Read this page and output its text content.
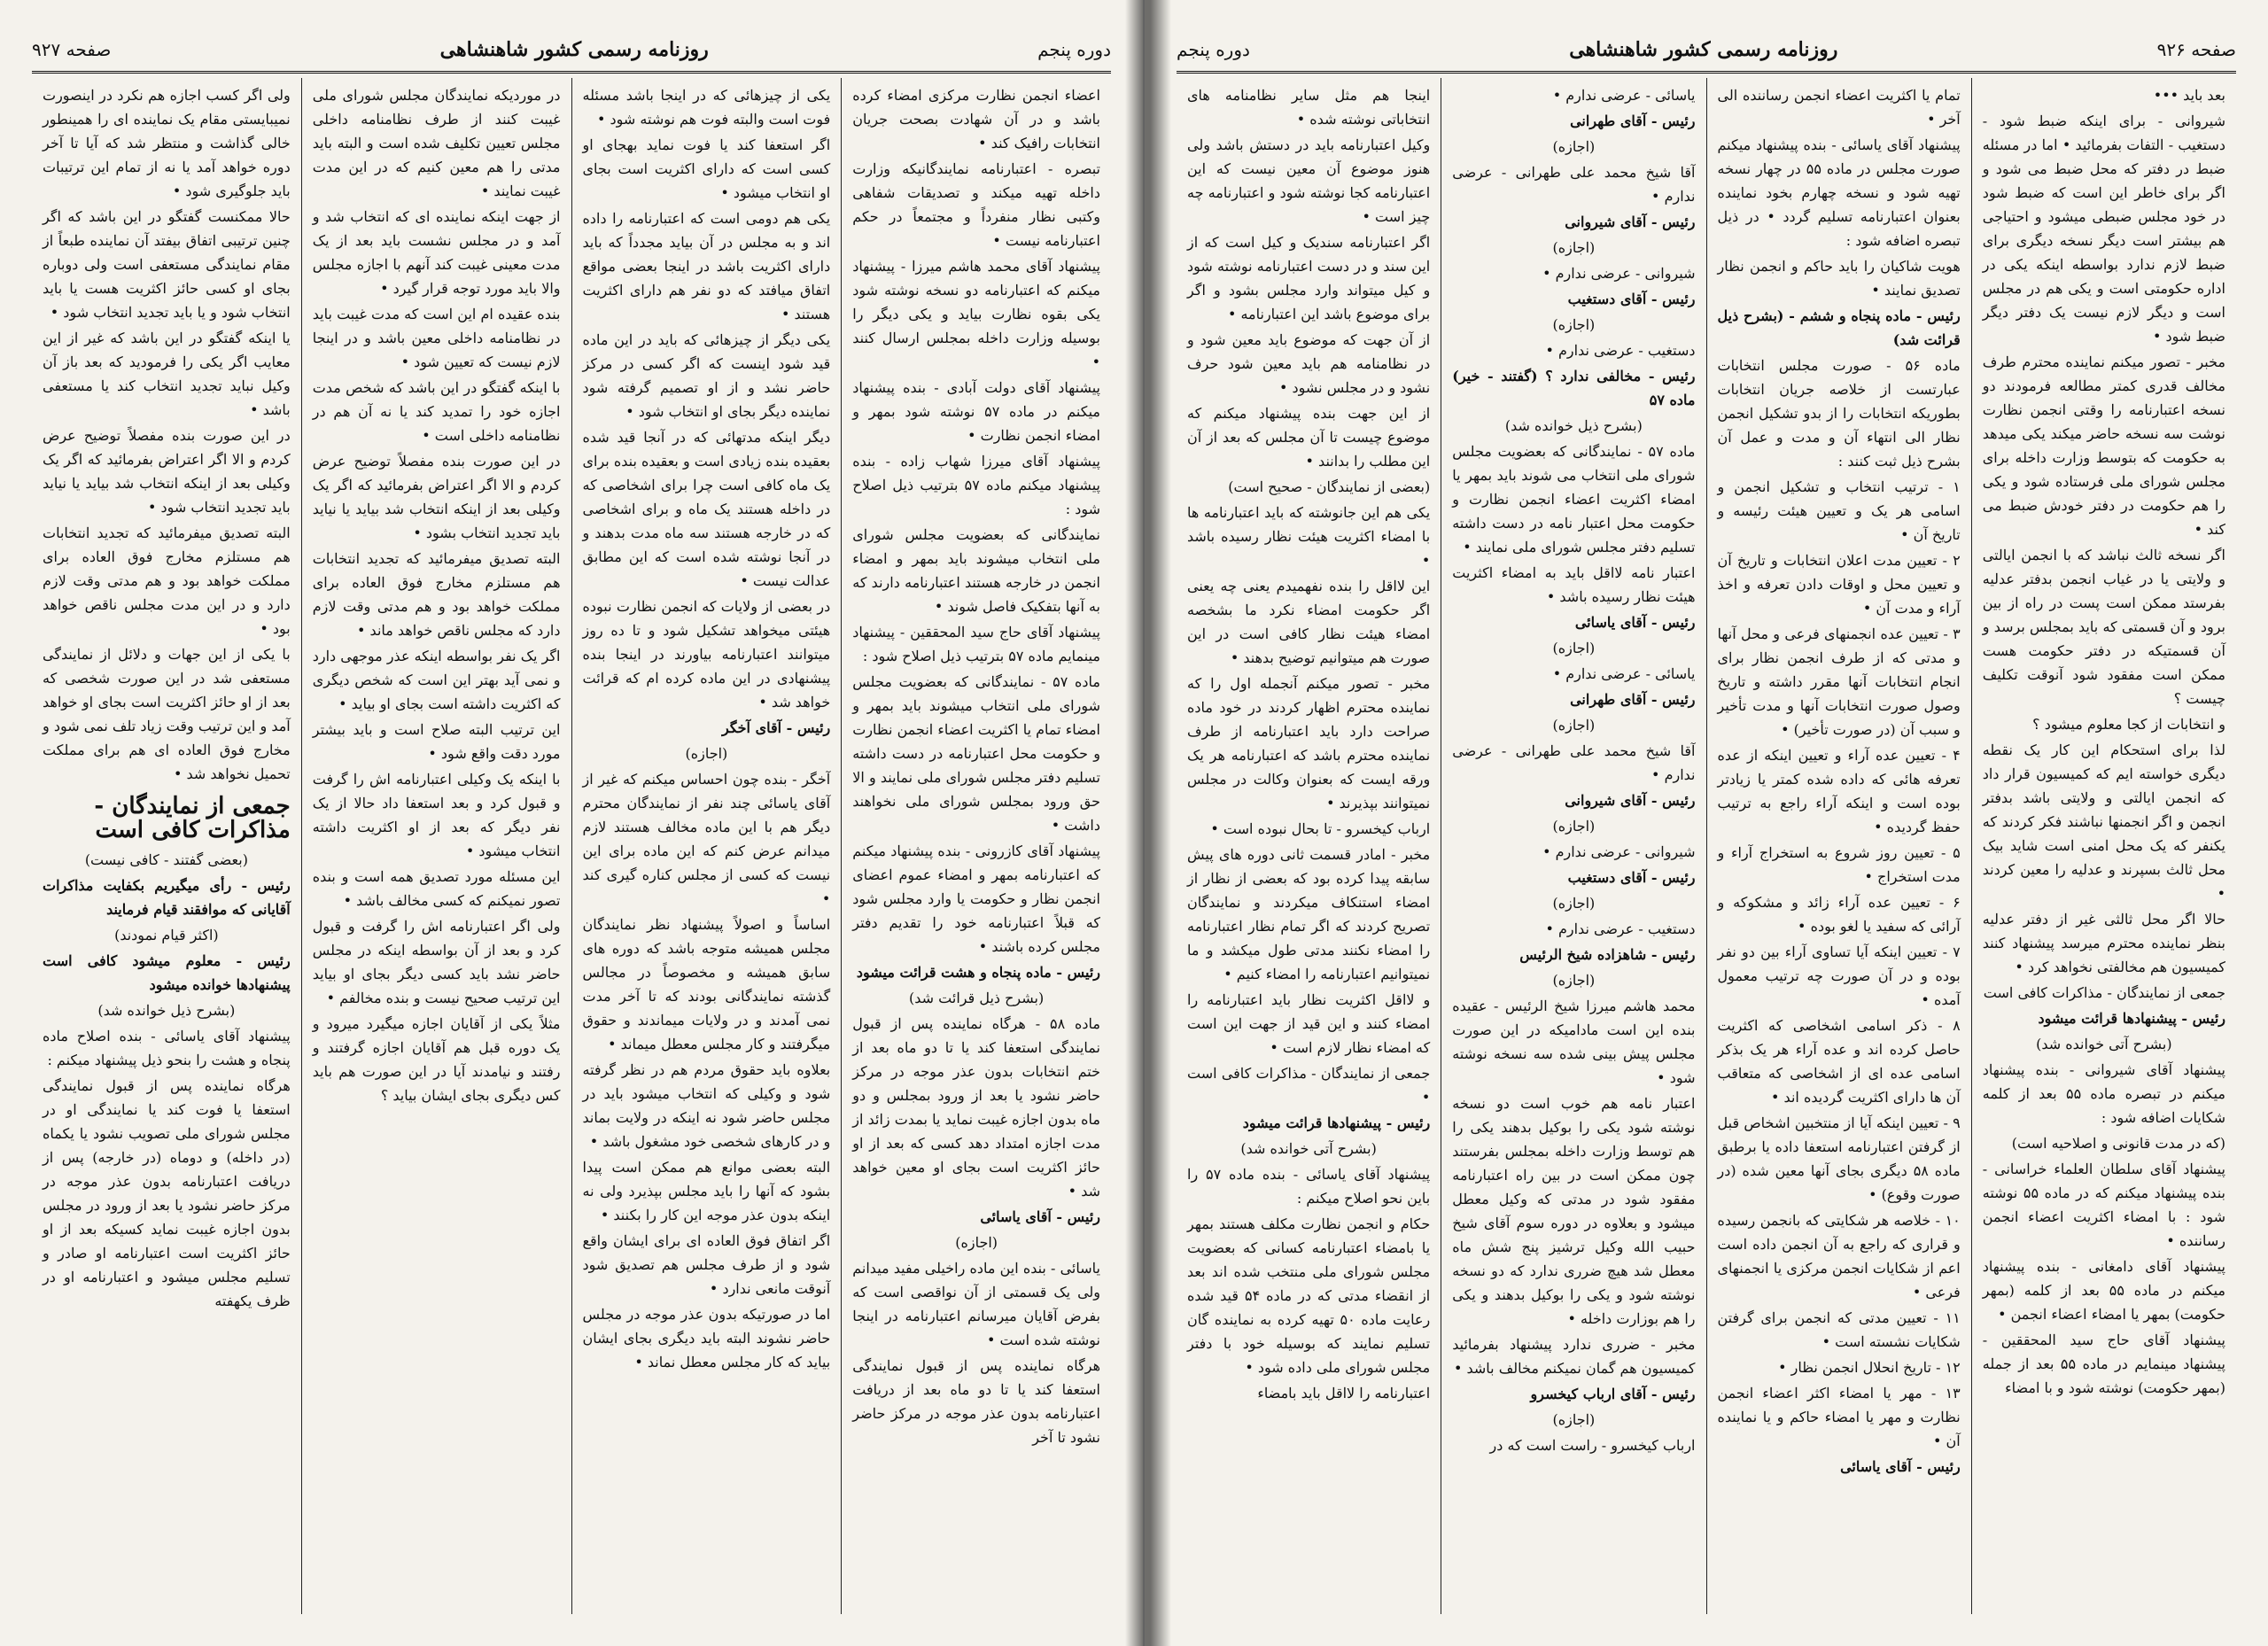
دوره پنجم
روزنامه رسمی کشور شاهنشاهی
صفحه ۹۲۷

اعضاء انجمن نظارت مرکزی امضاء کرده باشد و در آن شهادت بصحت جریان انتخابات رافیک کند •

تبصره - اعتبارنامه نمایندگانیکه وزارت داخله تهیه میکند و تصدیقات شفاهی وکتبی نظار منفرداً و مجتمعاً در حکم اعتبارنامه نیست •

پیشنهاد آقای محمد هاشم میرزا - پیشنهاد میکنم که اعتبارنامه دو نسخه نوشته شود یکی بقوه نظارت بیاید و یکی دیگر را بوسیله وزارت داخله بمجلس ارسال کنند •

پیشنهاد آقای دولت آبادی - بنده پیشنهاد میکنم در ماده ۵۷ نوشته شود بمهر و امضاء انجمن نظارت •

پیشنهاد آقای میرزا شهاب زاده - بنده پیشنهاد میکنم ماده ۵۷ بترتیب ذیل اصلاح شود :

نمایندگانی که بعضویت مجلس شورای ملی انتخاب میشوند باید بمهر و امضاء انجمن در خارجه هستند اعتبارنامه دارند که به آنها بتفکیک فاصل شوند •

پیشنهاد آقای حاج سید المحققین - پیشنهاد مینمایم ماده ۵۷ بترتیب ذیل اصلاح شود :

ماده ۵۷ - نمایندگانی که بعضویت مجلس شورای ملی انتخاب میشوند باید بمهر و امضاء تمام یا اکثریت اعضاء انجمن نظارت و حکومت محل اعتبارنامه در دست داشته تسلیم دفتر مجلس شورای ملی نمایند و الا حق ورود بمجلس شورای ملی نخواهند داشت •

پیشنهاد آقای کازرونی - بنده پیشنهاد میکنم که اعتبارنامه بمهر و امضاء عموم اعضای انجمن نظار و حکومت یا وارد مجلس شود که قبلاً اعتبارنامه خود را تقدیم دفتر مجلس کرده باشند •

رئیس - ماده پنجاه و هشت قرائت میشود

(بشرح ذیل قرائت شد)

ماده ۵۸ - هرگاه نماینده پس از قبول نمایندگی استعفا کند یا تا دو ماه بعد از ختم انتخابات بدون عذر موجه در مرکز حاضر نشود یا بعد از ورود بمجلس و دو ماه بدون اجازه غیبت نماید یا بمدت زائد از مدت اجازه امتداد دهد کسی که بعد از او حائز اکثریت است بجای او معین خواهد شد •

رئیس - آقای یاسائی

(اجازه)

یاسائی - بنده این ماده راخیلی مفید میدانم ولی یک قسمتی از آن نواقصی است که بفرض آقایان میرسانم اعتبارنامه در اینجا نوشته شده است •

هرگاه نماینده پس از قبول نمایندگی استعفا کند یا تا دو ماه بعد از دریافت اعتبارنامه بدون عذر موجه در مرکز حاضر نشود تا آخر

یکی از چیزهائی که در اینجا باشد مسئله فوت است والبته فوت هم نوشته شود •

اگر استعفا کند یا فوت نماید بهجای او کسی است که دارای اکثریت است بجای او انتخاب میشود •

یکی هم دومی است که اعتبارنامه را داده اند و به مجلس در آن بیاید مجدداً که باید دارای اکثریت باشد در اینجا بعضی مواقع اتفاق میافتد که دو نفر هم دارای اکثریت هستند •

یکی دیگر از چیزهائی که باید در این ماده قید شود اینست که اگر کسی در مرکز حاضر نشد و از او تصمیم گرفته شود نماینده دیگر بجای او انتخاب شود •

دیگر اینکه مدتهائی که در آنجا قید شده بعقیده بنده زیادی است و بعقیده بنده برای یک ماه کافی است چرا برای اشخاصی که در داخله هستند یک ماه و برای اشخاصی که در خارجه هستند سه ماه مدت بدهند و در آنجا نوشته شده است که این مطابق عدالت نیست •

در بعضی از ولایات که انجمن نظارت نبوده هیئتی میخواهد تشکیل شود و تا ده روز میتوانند اعتبارنامه بیاورند در اینجا بنده پیشنهادی در این ماده کرده ام که قرائت خواهد شد •

رئیس - آقای آخگر

(اجازه)

آخگر - بنده چون احساس میکنم که غیر از آقای یاسائی چند نفر از نمایندگان محترم دیگر هم با این ماده مخالف هستند لازم میدانم عرض کنم که این ماده برای این نیست که کسی از مجلس کناره گیری کند •

اساساً و اصولاً پیشنهاد نظر نمایندگان مجلس همیشه متوجه باشد که دوره های سابق همیشه و مخصوصاً در مجالس گذشته نمایندگانی بودند که تا آخر مدت نمی آمدند و در ولایات میماندند و حقوق میگرفتند و کار مجلس معطل میماند •

بعلاوه باید حقوق مردم هم در نظر گرفته شود و وکیلی که انتخاب میشود باید در مجلس حاضر شود نه اینکه در ولایت بماند و در کارهای شخصی خود مشغول باشد •

البته بعضی موانع هم ممکن است پیدا بشود که آنها را باید مجلس بپذیرد ولی نه اینکه بدون عذر موجه این کار را بکنند •

اگر اتفاق فوق العاده ای برای ایشان واقع شود و از طرف مجلس هم تصدیق شود آنوقت مانعی ندارد •

اما در صورتیکه بدون عذر موجه در مجلس حاضر نشوند البته باید دیگری بجای ایشان بیاید که کار مجلس معطل نماند •

در موردیکه نمایندگان مجلس شورای ملی غیبت کنند از طرف نظامنامه داخلی مجلس تعیین تکلیف شده است و البته باید مدتی را هم معین کنیم که در این مدت غیبت نمایند •

از جهت اینکه نماینده ای که انتخاب شد و آمد و در مجلس نشست باید بعد از یک مدت معینی غیبت کند آنهم با اجازه مجلس والا باید مورد توجه قرار گیرد •

بنده عقیده ام این است که مدت غیبت باید در نظامنامه داخلی معین باشد و در اینجا لازم نیست که تعیین شود •

با اینکه گفتگو در این باشد که شخص مدت اجازه خود را تمدید کند یا نه آن هم در نظامنامه داخلی است •

در این صورت بنده مفصلاً توضیح عرض کردم و الا اگر اعتراض بفرمائید که اگر یک وکیلی بعد از اینکه انتخاب شد بیاید یا نیاید باید تجدید انتخاب بشود •

البته تصدیق میفرمائید که تجدید انتخابات هم مستلزم مخارج فوق العاده برای مملکت خواهد بود و هم مدتی وقت لازم دارد که مجلس ناقص خواهد ماند •

اگر یک نفر بواسطه اینکه عذر موجهی دارد و نمی آید بهتر این است که شخص دیگری که اکثریت داشته است بجای او بیاید •

این ترتیب البته صلاح است و باید بیشتر مورد دقت واقع شود •

با اینکه یک وکیلی اعتبارنامه اش را گرفت و قبول کرد و بعد استعفا داد حالا از یک نفر دیگر که بعد از او اکثریت داشته انتخاب میشود •

این مسئله مورد تصدیق همه است و بنده تصور نمیکنم که کسی مخالف باشد •

ولی اگر اعتبارنامه اش را گرفت و قبول کرد و بعد از آن بواسطه اینکه در مجلس حاضر نشد باید کسی دیگر بجای او بیاید این ترتیب صحیح نیست و بنده مخالفم •

مثلاً یکی از آقایان اجازه میگیرد میرود و یک دوره قبل هم آقایان اجازه گرفتند و رفتند و نیامدند آیا در این صورت هم باید کس دیگری بجای ایشان بیاید ؟

ولی اگر کسب اجازه هم نکرد در اینصورت نمیبایستی مقام یک نماینده ای را همینطور خالی گذاشت و منتظر شد که آیا تا آخر دوره خواهد آمد یا نه از تمام این ترتیبات باید جلوگیری شود •

حالا ممکنست گفتگو در این باشد که اگر چنین ترتیبی اتفاق بیفتد آن نماینده طبعاً از مقام نمایندگی مستعفی است ولی دوباره بجای او کسی حائز اکثریت هست یا باید انتخاب شود و یا باید تجدید انتخاب شود •

یا اینکه گفتگو در این باشد که غیر از این معایب اگر یکی را فرمودید که بعد باز آن وکیل نباید تجدید انتخاب کند یا مستعفی باشد •

در این صورت بنده مفصلاً توضیح عرض کردم و الا اگر اعتراض بفرمائید که اگر یک وکیلی بعد از اینکه انتخاب شد بیاید یا نیاید باید تجدید انتخاب شود •

البته تصدیق میفرمائید که تجدید انتخابات هم مستلزم مخارج فوق العاده برای مملکت خواهد بود و هم مدتی وقت لازم دارد و در این مدت مجلس ناقص خواهد بود •

با یکی از این جهات و دلائل از نمایندگی مستعفی شد در این صورت شخصی که بعد از او حائز اکثریت است بجای او خواهد آمد و این ترتیب وقت زیاد تلف نمی شود و مخارج فوق العاده ای هم برای مملکت تحمیل نخواهد شد •

جمعی از نمایندگان - مذاکرات کافی است

(بعضی گفتند - کافی نیست)

رئیس - رأی میگیریم بکفایت مذاکرات آقایانی که موافقند قیام فرمایند

(اکثر قیام نمودند)

رئیس - معلوم میشود کافی است پیشنهادها خوانده میشود

(بشرح ذیل خوانده شد)

پیشنهاد آقای یاسائی - بنده اصلاح ماده پنجاه و هشت را بنحو ذیل پیشنهاد میکنم :

هرگاه نماینده پس از قبول نمایندگی استعفا یا فوت کند یا نمایندگی او در مجلس شورای ملی تصویب نشود یا یکماه (در داخله) و دوماه (در خارجه) پس از دریافت اعتبارنامه بدون عذر موجه در مرکز حاضر نشود یا بعد از ورود در مجلس بدون اجازه غیبت نماید کسیکه بعد از او حائز اکثریت است اعتبارنامه او صادر و تسلیم مجلس میشود و اعتبارنامه او در ظرف یکهفته

صفحه ۹۲۶
روزنامه رسمی کشور شاهنشاهی
دوره پنجم

بعد باید •••

شیروانی - برای اینکه ضبط شود - دستغیب - التفات بفرمائید • اما در مسئله ضبط در دفتر که محل ضبط می شود و اگر برای خاطر این است که ضبط شود در خود مجلس ضبطی میشود و احتیاجی هم بیشتر است دیگر نسخه دیگری برای ضبط لازم ندارد بواسطه اینکه یکی در اداره حکومتی است و یکی هم در مجلس است و دیگر لازم نیست یک دفتر دیگر ضبط شود •

مخبر - تصور میکنم نماینده محترم طرف مخالف قدری کمتر مطالعه فرمودند دو نسخه اعتبارنامه را وقتی انجمن نظارت نوشت سه نسخه حاضر میکند یکی میدهد به حکومت که بتوسط وزارت داخله برای مجلس شورای ملی فرستاده شود و یکی را هم حکومت در دفتر خودش ضبط می کند •

اگر نسخه ثالث نباشد که با انجمن ایالتی و ولایتی یا در غیاب انجمن بدفتر عدلیه بفرستد ممکن است پست در راه از بین برود و آن قسمتی که باید بمجلس برسد و آن قسمتیکه در دفتر حکومت هست ممکن است مفقود شود آنوقت تکلیف چیست ؟

و انتخابات از کجا معلوم میشود ؟

لذا برای استحکام این کار یک نقطه دیگری خواسته ایم که کمیسیون قرار داد که انجمن ایالتی و ولایتی باشد بدفتر انجمن و اگر انجمنها نباشند فکر کردند که یکنفر که یک محل امنی است شاید بیک محل ثالث بسپرند و عدلیه را معین کردند •

حالا اگر محل ثالثی غیر از دفتر عدلیه بنظر نماینده محترم میرسد پیشنهاد کنند کمیسیون هم مخالفتی نخواهد کرد •

جمعی از نمایندگان - مذاکرات کافی است

رئیس - پیشنهادها قرائت میشود

(بشرح آتی خوانده شد)

پیشنهاد آقای شیروانی - بنده پیشنهاد میکنم در تبصره ماده ۵۵ بعد از کلمه شکایات اضافه شود :

(که در مدت قانونی و اصلاحیه است)

پیشنهاد آقای سلطان العلماء خراسانی - بنده پیشنهاد میکنم که در ماده ۵۵ نوشته شود : با امضاء اکثریت اعضاء انجمن رساننده •

پیشنهاد آقای دامغانی - بنده پیشنهاد میکنم در ماده ۵۵ بعد از کلمه (بمهر حکومت) بمهر یا امضاء اعضاء انجمن •

پیشنهاد آقای حاج سید المحققین - پیشنهاد مینمایم در ماده ۵۵ بعد از جمله (بمهر حکومت) نوشته شود و با امضاء

تمام یا اکثریت اعضاء انجمن رساننده الی آخر •

پیشنهاد آقای یاسائی - بنده پیشنهاد میکنم صورت مجلس در ماده ۵۵ در چهار نسخه تهیه شود و نسخه چهارم بخود نماینده بعنوان اعتبارنامه تسلیم گردد • در ذیل تبصره اضافه شود :

هویت شاکیان را باید حاکم و انجمن نظار تصدیق نمایند •

رئیس - ماده پنجاه و ششم - (بشرح ذیل قرائت شد)

ماده ۵۶ - صورت مجلس انتخابات عبارتست از خلاصه جریان انتخابات بطوریکه انتخابات را از بدو تشکیل انجمن نظار الی انتهاء آن و مدت و عمل آن بشرح ذیل ثبت کنند :

۱ - ترتیب انتخاب و تشکیل انجمن و اسامی هر یک و تعیین هیئت رئیسه و تاریخ آن •

۲ - تعیین مدت اعلان انتخابات و تاریخ آن و تعیین محل و اوقات دادن تعرفه و اخذ آراء و مدت آن •

۳ - تعیین عده انجمنهای فرعی و محل آنها و مدتی که از طرف انجمن نظار برای انجام انتخابات آنها مقرر داشته و تاریخ وصول صورت انتخابات آنها و مدت تأخیر و سبب آن (در صورت تأخیر) •

۴ - تعیین عده آراء و تعیین اینکه از عده تعرفه هائی که داده شده کمتر یا زیادتر بوده است و اینکه آراء راجع به ترتیب حفظ گردیده •

۵ - تعیین روز شروع به استخراج آراء و مدت استخراج •

۶ - تعیین عده آراء زائد و مشکوکه و آرائی که سفید یا لغو بوده •

۷ - تعیین اینکه آیا تساوی آراء بین دو نفر بوده و در آن صورت چه ترتیب معمول آمده •

۸ - ذکر اسامی اشخاصی که اکثریت حاصل کرده اند و عده آراء هر یک بذکر اسامی عده ای از اشخاصی که متعاقب آن ها دارای اکثریت گردیده اند •

۹ - تعیین اینکه آیا از منتخبین اشخاص قبل از گرفتن اعتبارنامه استعفا داده یا برطبق ماده ۵۸ دیگری بجای آنها معین شده (در صورت وقوع) •

۱۰ - خلاصه هر شکایتی که بانجمن رسیده و قراری که راجع به آن انجمن داده است اعم از شکایات انجمن مرکزی یا انجمنهای فرعی •

۱۱ - تعیین مدتی که انجمن برای گرفتن شکایات نشسته است •

۱۲ - تاریخ انحلال انجمن نظار •

۱۳ - مهر یا امضاء اکثر اعضاء انجمن نظارت و مهر یا امضاء حاکم و یا نماینده آن •

رئیس - آقای یاسائی

یاسائی - عرضی ندارم •

رئیس - آقای طهرانی

(اجازه)

آقا شیخ محمد علی طهرانی - عرضی ندارم •

رئیس - آقای شیروانی

(اجازه)

شیروانی - عرضی ندارم •

رئیس - آقای دستغیب

(اجازه)

دستغیب - عرضی ندارم •

رئیس - مخالفی ندارد ؟ (گفتند - خیر) ماده ۵۷

(بشرح ذیل خوانده شد)

ماده ۵۷ - نمایندگانی که بعضویت مجلس شورای ملی انتخاب می شوند باید بمهر یا امضاء اکثریت اعضاء انجمن نظارت و حکومت محل اعتبار نامه در دست داشته تسلیم دفتر مجلس شورای ملی نمایند •

اعتبار نامه لااقل باید به امضاء اکثریت هیئت نظار رسیده باشد •

رئیس - آقای یاسائی

(اجازه)

یاسائی - عرضی ندارم •

رئیس - آقای طهرانی

(اجازه)

آقا شیخ محمد علی طهرانی - عرضی ندارم •

رئیس - آقای شیروانی

(اجازه)

شیروانی - عرضی ندارم •

رئیس - آقای دستغیب

(اجازه)

دستغیب - عرضی ندارم •

رئیس - شاهزاده شیخ الرئیس

(اجازه)

محمد هاشم میرزا شیخ الرئیس - عقیده بنده این است مادامیکه در این صورت مجلس پیش بینی شده سه نسخه نوشته شود •

اعتبار نامه هم خوب است دو نسخه نوشته شود یکی را بوکیل بدهند یکی را هم توسط وزارت داخله بمجلس بفرستند چون ممکن است در بین راه اعتبارنامه مفقود شود در مدتی که وکیل معطل میشود و بعلاوه در دوره سوم آقای شیخ حبیب الله وکیل ترشیز پنج شش ماه معطل شد هیچ ضرری ندارد که دو نسخه نوشته شود و یکی را بوکیل بدهند و یکی را هم بوزارت داخله •

مخبر - ضرری ندارد پیشنهاد بفرمائید کمیسیون هم گمان نمیکنم مخالف باشد •

رئیس - آقای ارباب کیخسرو

(اجازه)

ارباب کیخسرو - راست است که در

اینجا هم مثل سایر نظامنامه های انتخاباتی نوشته شده •

وکیل اعتبارنامه باید در دستش باشد ولی هنوز موضوع آن معین نیست که این اعتبارنامه کجا نوشته شود و اعتبارنامه چه چیز است •

اگر اعتبارنامه سندیک و کیل است که از این سند و در دست اعتبارنامه نوشته شود و کیل میتواند وارد مجلس بشود و اگر برای موضوع باشد این اعتبارنامه •

از آن جهت که موضوع باید معین شود و در نظامنامه هم باید معین شود حرف نشود و در مجلس نشود •

از این جهت بنده پیشنهاد میکنم که موضوع چیست تا آن مجلس که بعد از آن این مطلب را بدانند •

(بعضی از نمایندگان - صحیح است)

یکی هم این جانوشته که باید اعتبارنامه ها با امضاء اکثریت هیئت نظار رسیده باشد •

این لااقل را بنده نفهمیدم یعنی چه یعنی اگر حکومت امضاء نکرد ما بشخصه امضاء هیئت نظار کافی است در این صورت هم میتوانیم توضیح بدهند •

مخبر - تصور میکنم آنجمله اول را که نماینده محترم اظهار کردند در خود ماده صراحت دارد باید اعتبارنامه از طرف نماینده محترم باشد که اعتبارنامه هر یک ورقه ایست که بعنوان وکالت در مجلس نمیتوانند بپذیرند •

ارباب کیخسرو - تا بحال نبوده است •

مخبر - امادر قسمت ثانی دوره های پیش سابقه پیدا کرده بود که بعضی از نظار از امضاء استنکاف میکردند و نمایندگان تصریح کردند که اگر تمام نظار اعتبارنامه را امضاء نکنند مدتی طول میکشد و ما نمیتوانیم اعتبارنامه را امضاء کنیم •

و لااقل اکثریت نظار باید اعتبارنامه را امضاء کنند و این قید از جهت این است که امضاء نظار لازم است •

جمعی از نمایندگان - مذاکرات کافی است •

رئیس - پیشنهادها قرائت میشود

(بشرح آتی خوانده شد)

پیشنهاد آقای یاسائی - بنده ماده ۵۷ را باین نحو اصلاح میکنم :

حکام و انجمن نظارت مکلف هستند بمهر یا بامضاء اعتبارنامه کسانی که بعضویت مجلس شورای ملی منتخب شده اند بعد از انقضاء مدتی که در ماده ۵۴ قید شده رعایت ماده ۵۰ تهیه کرده به نماینده گان تسلیم نمایند که بوسیله خود با دفتر مجلس شورای ملی داده شود •

اعتبارنامه را لااقل باید بامضاء
